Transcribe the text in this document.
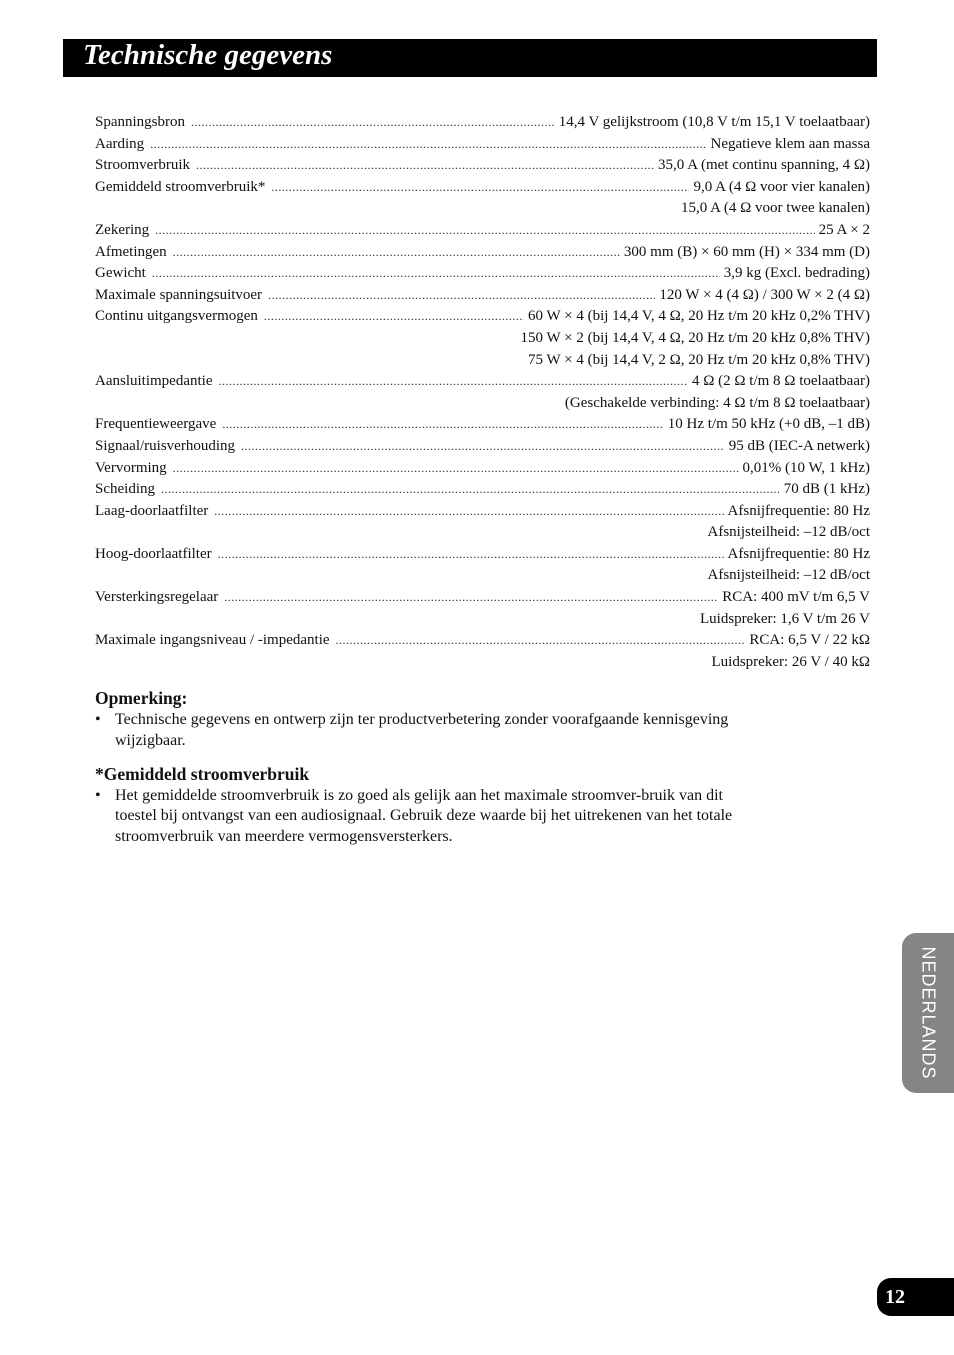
Technische gegevens
Spanningsbron .....	14,4 V gelijkstroom (10,8 V t/m 15,1 V toelaatbaar)
Aarding .....	Negatieve klem aan massa
Stroomverbruik .....	35,0 A (met continu spanning, 4 Ω)
Gemiddeld stroomverbruik* .....	9,0 A (4 Ω voor vier kanalen)
15,0 A (4 Ω voor twee kanalen)
Zekering .....	25 A × 2
Afmetingen .....	300 mm (B) × 60 mm (H) × 334 mm (D)
Gewicht .....	3,9 kg (Excl. bedrading)
Maximale spanningsuitvoer .....	120 W × 4 (4 Ω) / 300 W × 2 (4 Ω)
Continu uitgangsvermogen .....	60 W × 4 (bij 14,4 V, 4 Ω, 20 Hz t/m 20 kHz 0,2% THV)
150 W × 2 (bij 14,4 V, 4 Ω, 20 Hz t/m 20 kHz 0,8% THV)
75 W × 4 (bij 14,4 V, 2 Ω, 20 Hz t/m 20 kHz 0,8% THV)
Aansluitimpedantie .....	4 Ω (2 Ω t/m 8 Ω toelaatbaar)
(Geschakelde verbinding: 4 Ω t/m 8 Ω toelaatbaar)
Frequentieweergave .....	10 Hz t/m 50 kHz (+0 dB, –1 dB)
Signaal/ruisverhouding .....	95 dB (IEC-A netwerk)
Vervorming .....	0,01% (10 W, 1 kHz)
Scheiding .....	70 dB (1 kHz)
Laag-doorlaatfilter .....	Afsnijfrequentie: 80 Hz
Afsnijsteilheid: –12 dB/oct
Hoog-doorlaatfilter .....	Afsnijfrequentie: 80 Hz
Afsnijsteilheid: –12 dB/oct
Versterkingsregelaar .....	RCA: 400 mV t/m 6,5 V
Luidspreker: 1,6 V t/m 26 V
Maximale ingangsniveau / -impedantie .....	RCA: 6,5 V / 22 kΩ
Luidspreker: 26 V / 40 kΩ

Opmerking:

• Technische gegevens en ontwerp zijn ter productverbetering zonder voorafgaande kennisgeving wijzigbaar.

*Gemiddeld stroomverbruik

• Het gemiddelde stroomverbruik is zo goed als gelijk aan het maximale stroomver-bruik van dit toestel bij ontvangst van een audiosignaal. Gebruik deze waarde bij het uitrekenen van het totale stroomverbruik van meerdere vermogensversterkers.
NEDERLANDS
12
